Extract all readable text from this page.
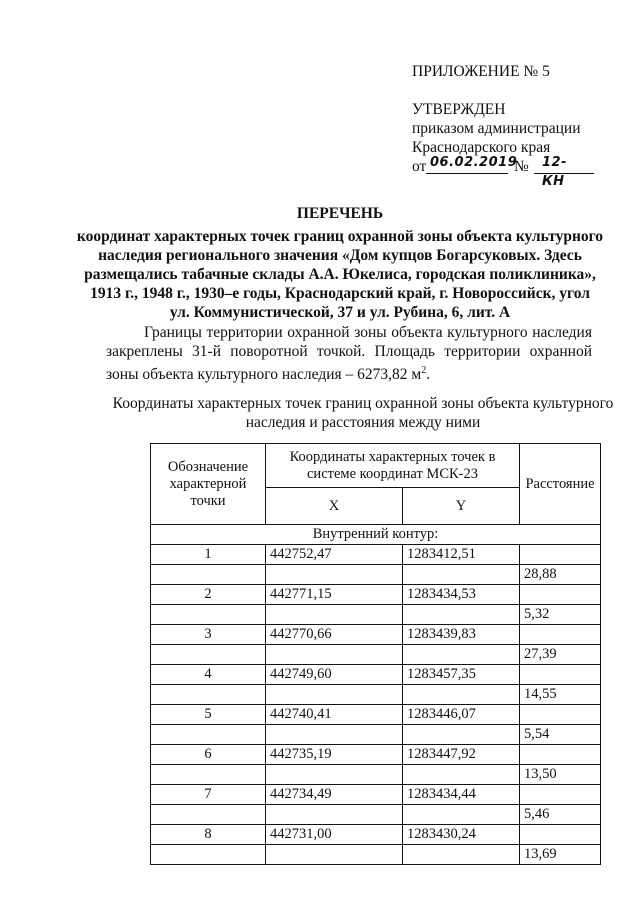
ПРИЛОЖЕНИЕ № 5
УТВЕРЖДЕН
приказом администрации
Краснодарского края
от 06.02.2019
№ 12-КН
ПЕРЕЧЕНЬ
координат характерных точек границ охранной зоны объекта культурного
наследия регионального значения «Дом купцов Богарсуковых. Здесь
размещались табачные склады А.А. Юкелиса, городская поликлиника»,
1913 г., 1948 г., 1930–е годы, Краснодарский край, г. Новороссийск, угол
ул. Коммунистической, 37 и ул. Рубина, 6, лит. А
Границы территории охранной зоны объекта культурного наследия закреплены 31-й поворотной точкой. Площадь территории охранной зоны объекта культурного наследия – 6273,82 $м^2$.
Координаты характерных точек границ охранной зоны объекта культурного
наследия и расстояния между ними
Обозначение характерной точки	Координаты характерных точек в системе координат МСК-23		Расстояние
	X	Y	
Внутренний контур:			
1	442752,47	1283412,51	
			28,88
2	442771,15	1283434,53	
			5,32
3	442770,66	1283439,83	
			27,39
4	442749,60	1283457,35	
			14,55
5	442740,41	1283446,07	
			5,54
6	442735,19	1283447,92	
			13,50
7	442734,49	1283434,44	
			5,46
8	442731,00	1283430,24	
			13,69
